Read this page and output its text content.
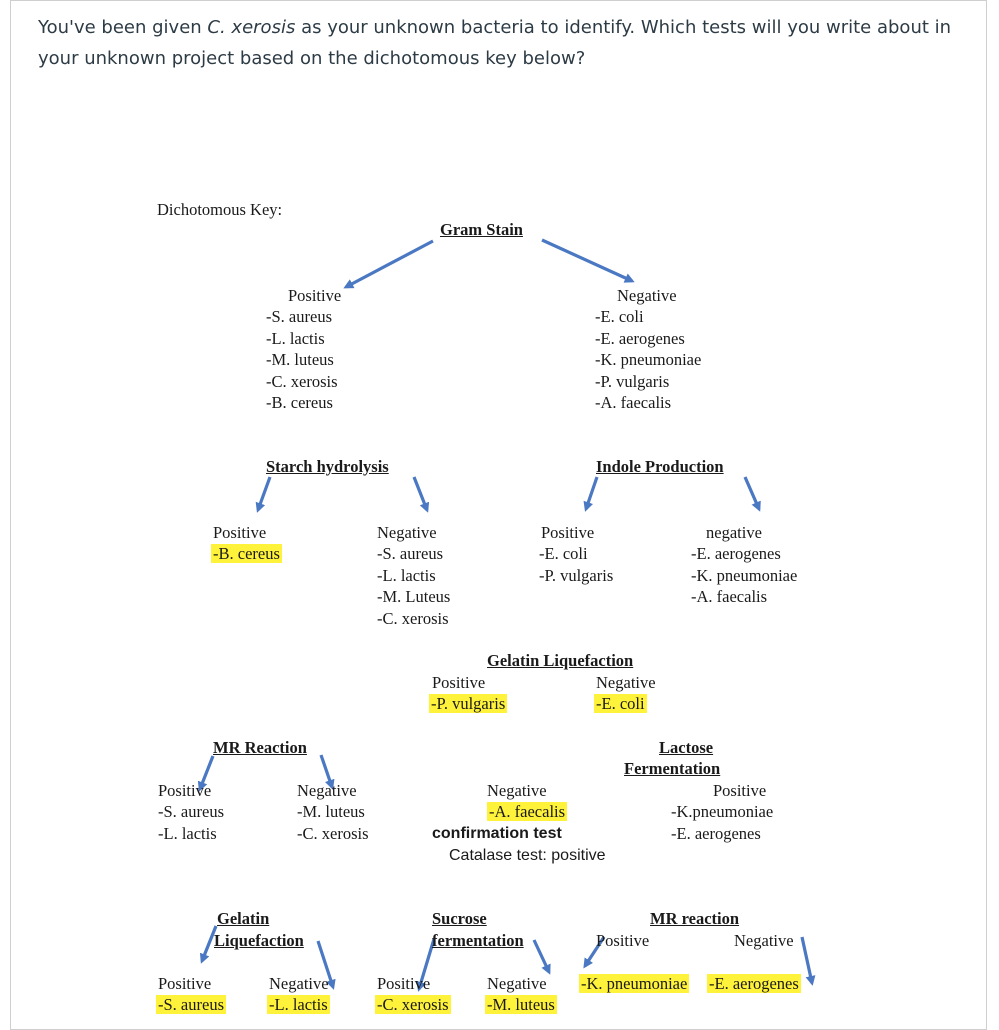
You've been given C. xerosis as your unknown bacteria to identify. Which tests will you write about in your unknown project based on the dichotomous key below?
Dichotomous Key:
Gram Stain
Positive
-S. aureus
-L. lactis
-M. luteus
-C. xerosis
-B. cereus
Negative
-E. coli
-E. aerogenes
-K. pneumoniae
-P. vulgaris
-A. faecalis
Starch hydrolysis
Positive
-B. cereus
Negative
-S. aureus
-L. lactis
-M. Luteus
-C. xerosis
Indole Production
Positive
-E. coli
-P. vulgaris
negative
-E. aerogenes
-K. pneumoniae
-A. faecalis
Gelatin Liquefaction
Positive
-P. vulgaris
Negative
-E. coli
MR Reaction
Positive
-S. aureus
-L. lactis
Negative
-M. luteus
-C. xerosis
Lactose
Fermentation
Negative
-A. faecalis
confirmation test
Catalase test: positive
Positive
-K.pneumoniae
-E. aerogenes
Gelatin
Liquefaction
Positive
-S. aureus
Negative
-L. lactis
Sucrose
fermentation
Positive
-C. xerosis
Negative
-M. luteus
MR reaction
Positive	Negative
-K. pneumoniae -E. aerogenes
